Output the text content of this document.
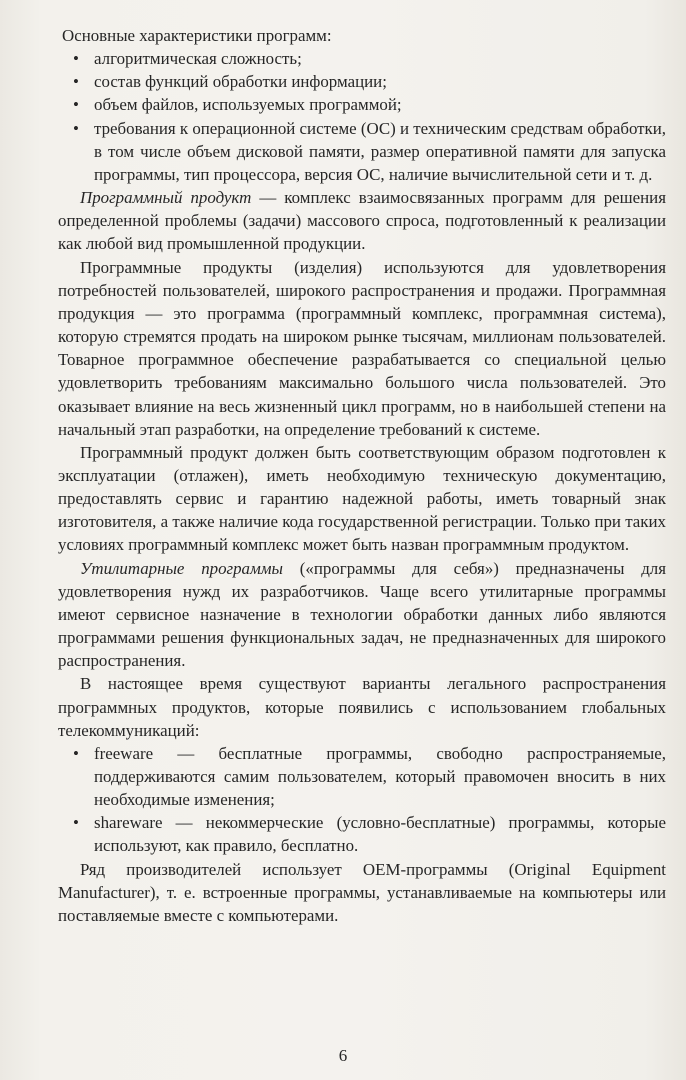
Основные характеристики программ:

• алгоритмическая сложность;
• состав функций обработки информации;
• объем файлов, используемых программой;
• требования к операционной системе (ОС) и техническим средствам обработки, в том числе объем дисковой памяти, размер оперативной памяти для запуска программы, тип процессора, версия ОС, наличие вычислительной сети и т. д.

Программный продукт — комплекс взаимосвязанных программ для решения определенной проблемы (задачи) массового спроса, подготовленный к реализации как любой вид промышленной продукции.

Программные продукты (изделия) используются для удовлетворения потребностей пользователей, широкого распространения и продажи. Программная продукция — это программа (программный комплекс, программная система), которую стремятся продать на широком рынке тысячам, миллионам пользователей. Товарное программное обеспечение разрабатывается со специальной целью удовлетворить требованиям максимально большого числа пользователей. Это оказывает влияние на весь жизненный цикл программ, но в наибольшей степени на начальный этап разработки, на определение требований к системе.

Программный продукт должен быть соответствующим образом подготовлен к эксплуатации (отлажен), иметь необходимую техническую документацию, предоставлять сервис и гарантию надежной работы, иметь товарный знак изготовителя, а также наличие кода государственной регистрации. Только при таких условиях программный комплекс может быть назван программным продуктом.

Утилитарные программы («программы для себя») предназначены для удовлетворения нужд их разработчиков. Чаще всего утилитарные программы имеют сервисное назначение в технологии обработки данных либо являются программами решения функциональных задач, не предназначенных для широкого распространения.

В настоящее время существуют варианты легального распространения программных продуктов, которые появились с использованием глобальных телекоммуникаций:

• freeware — бесплатные программы, свободно распространяемые, поддерживаются самим пользователем, который правомочен вносить в них необходимые изменения;
• shareware — некоммерческие (условно-бесплатные) программы, которые используют, как правило, бесплатно.

Ряд производителей использует OEM-программы (Original Equipment Manufacturer), т. е. встроенные программы, устанавливаемые на компьютеры или поставляемые вместе с компьютерами.

6
